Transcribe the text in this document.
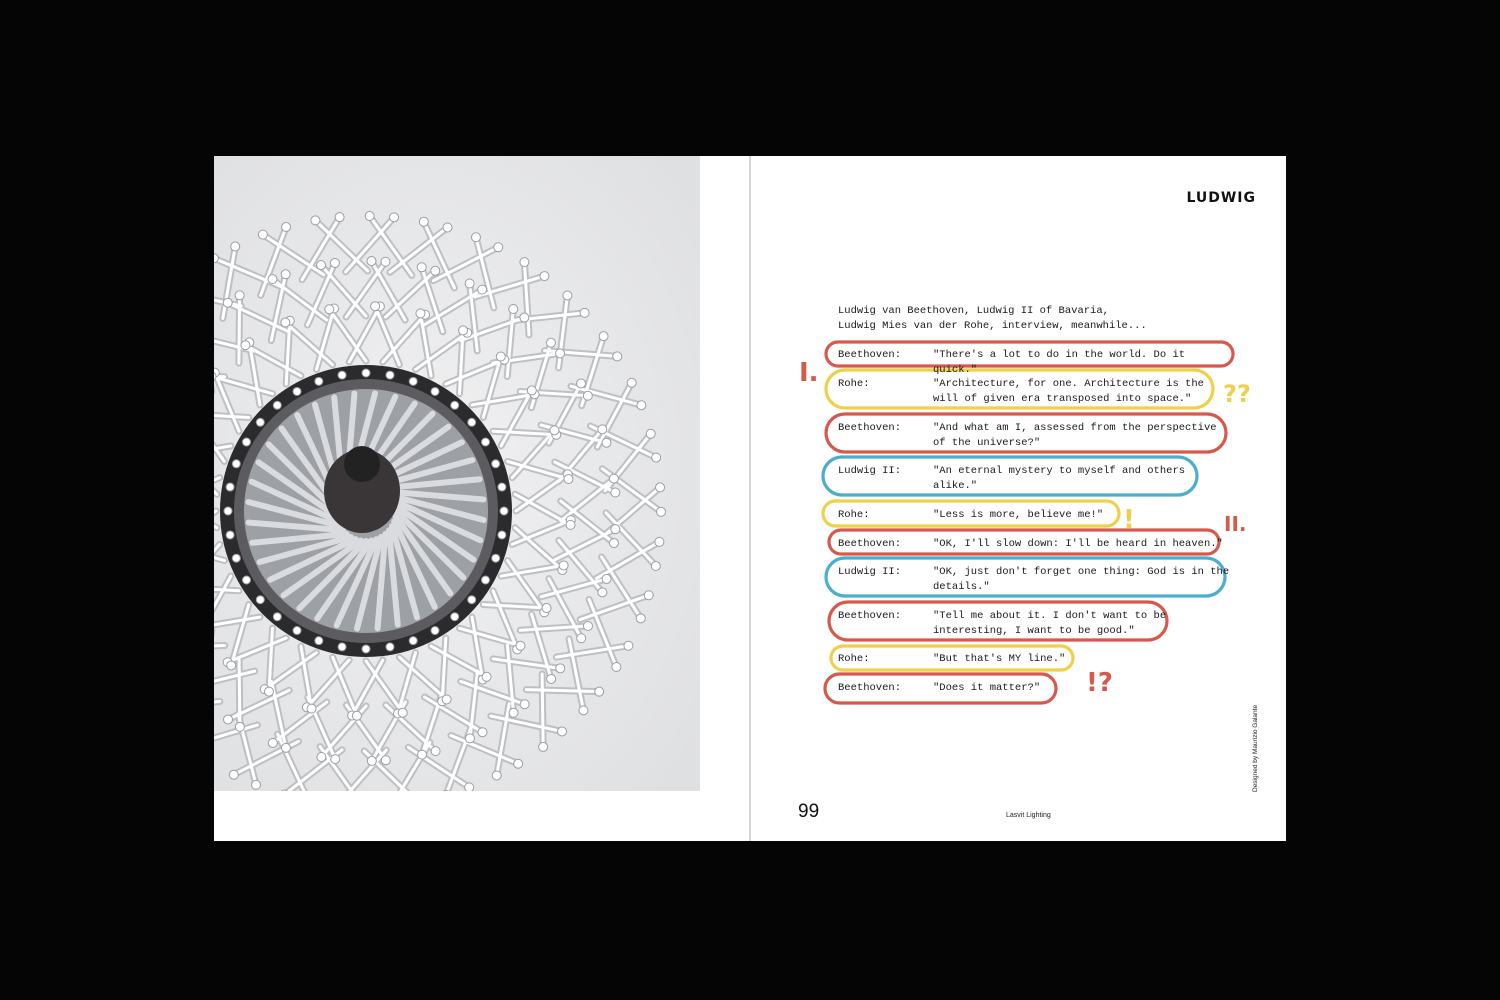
LUDWIG
I.
??
!	II.
!?
Ludwig van Beethoven, Ludwig II of Bavaria,
Ludwig Mies van der Rohe, interview, meanwhile...
Beethoven:	"There's a lot to do in the world. Do it quick."
Rohe:	"Architecture, for one. Architecture is the
will of given era transposed into space."
Beethoven:	"And what am I, assessed from the perspective
of the universe?"
Ludwig II:	"An eternal mystery to myself and others
alike."
Rohe:	"Less is more, believe me!"
Beethoven:	"OK, I'll slow down: I'll be heard in heaven."
Ludwig II:	"OK, just don't forget one thing: God is in the
details."
Beethoven:	"Tell me about it. I don't want to be
interesting, I want to be good."
Rohe:	"But that's MY line."
Beethoven:	"Does it matter?"
99	Lasvit Lighting
Designed by Maurizio Galante
